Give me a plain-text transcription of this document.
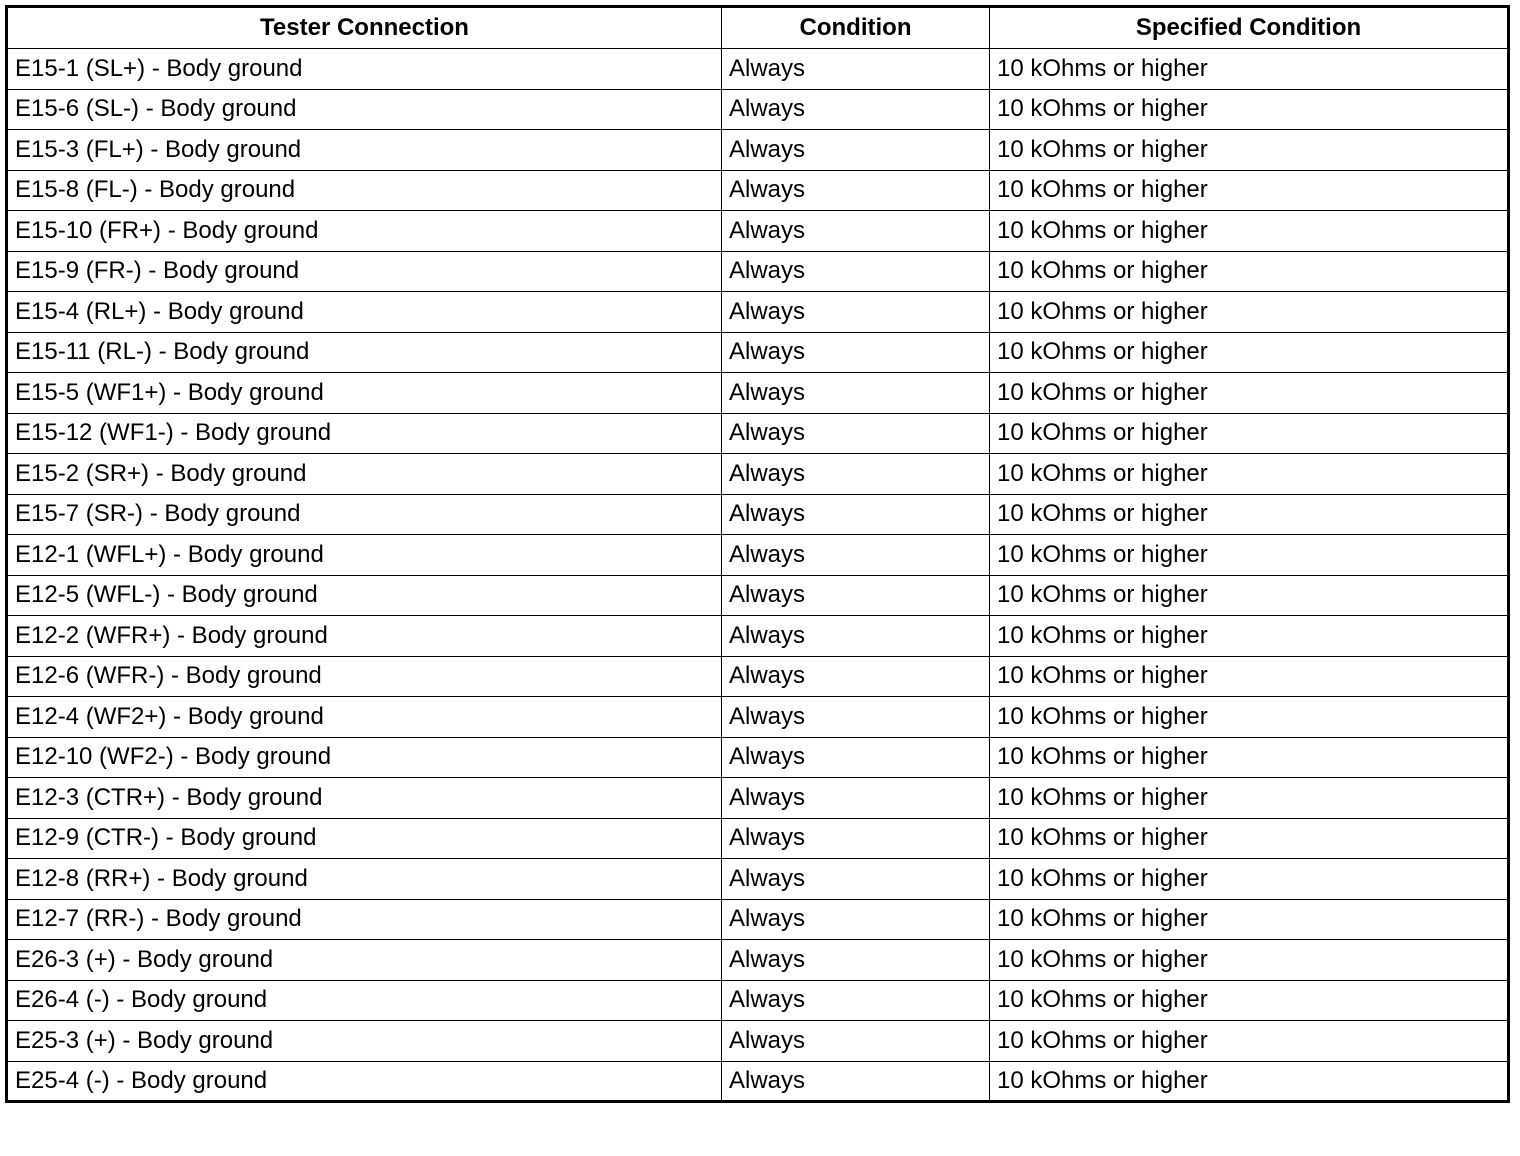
Tester Connection	Condition	Specified Condition
E15-1 (SL+) - Body ground	Always	10 kOhms or higher
E15-6 (SL-) - Body ground	Always	10 kOhms or higher
E15-3 (FL+) - Body ground	Always	10 kOhms or higher
E15-8 (FL-) - Body ground	Always	10 kOhms or higher
E15-10 (FR+) - Body ground	Always	10 kOhms or higher
E15-9 (FR-) - Body ground	Always	10 kOhms or higher
E15-4 (RL+) - Body ground	Always	10 kOhms or higher
E15-11 (RL-) - Body ground	Always	10 kOhms or higher
E15-5 (WF1+) - Body ground	Always	10 kOhms or higher
E15-12 (WF1-) - Body ground	Always	10 kOhms or higher
E15-2 (SR+) - Body ground	Always	10 kOhms or higher
E15-7 (SR-) - Body ground	Always	10 kOhms or higher
E12-1 (WFL+) - Body ground	Always	10 kOhms or higher
E12-5 (WFL-) - Body ground	Always	10 kOhms or higher
E12-2 (WFR+) - Body ground	Always	10 kOhms or higher
E12-6 (WFR-) - Body ground	Always	10 kOhms or higher
E12-4 (WF2+) - Body ground	Always	10 kOhms or higher
E12-10 (WF2-) - Body ground	Always	10 kOhms or higher
E12-3 (CTR+) - Body ground	Always	10 kOhms or higher
E12-9 (CTR-) - Body ground	Always	10 kOhms or higher
E12-8 (RR+) - Body ground	Always	10 kOhms or higher
E12-7 (RR-) - Body ground	Always	10 kOhms or higher
E26-3 (+) - Body ground	Always	10 kOhms or higher
E26-4 (-) - Body ground	Always	10 kOhms or higher
E25-3 (+) - Body ground	Always	10 kOhms or higher
E25-4 (-) - Body ground	Always	10 kOhms or higher
